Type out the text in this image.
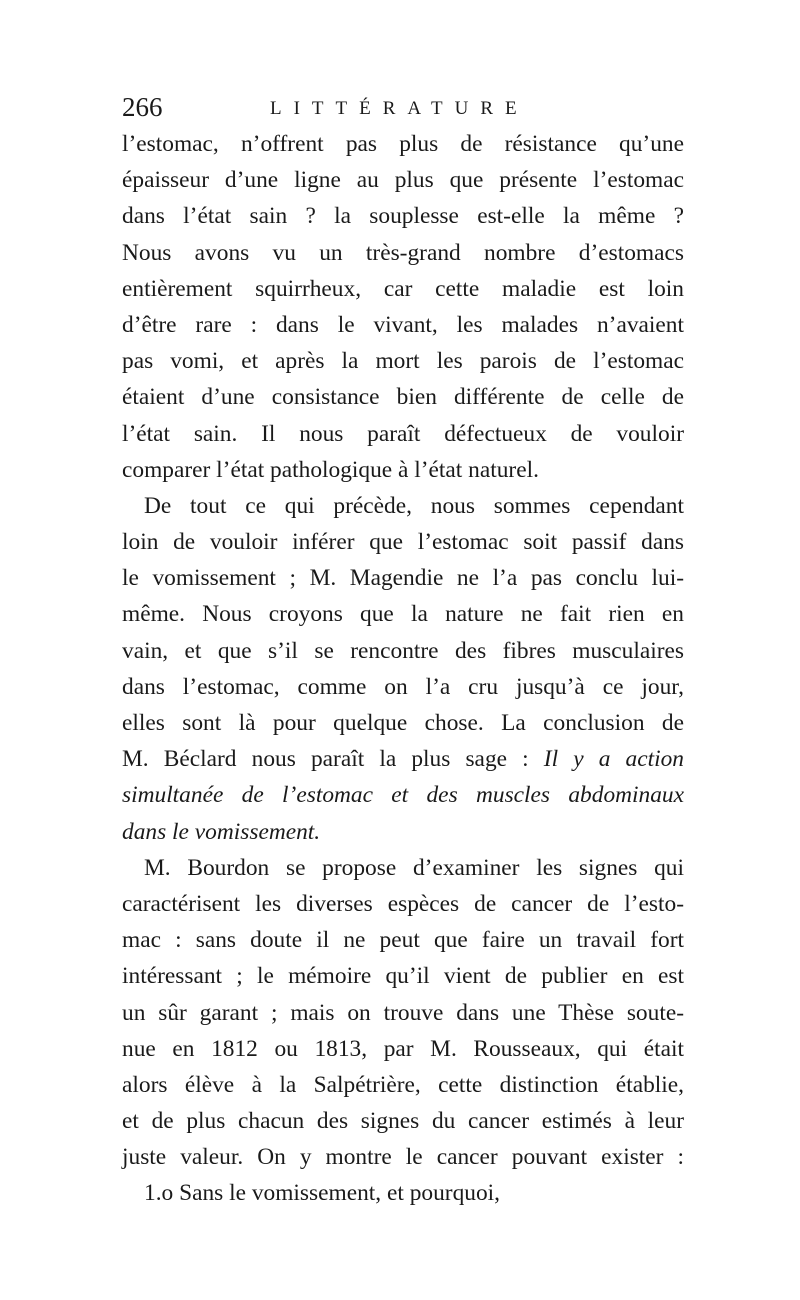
266	LITTÉRATURE
l’estomac, n’offrent pas plus de résistance qu’une
épaisseur d’une ligne au plus que présente l’estomac
dans l’état sain ? la souplesse est-elle la même ?
Nous avons vu un très-grand nombre d’estomacs
entièrement squirrheux, car cette maladie est loin
d’être rare : dans le vivant, les malades n’avaient
pas vomi, et après la mort les parois de l’estomac
étaient d’une consistance bien différente de celle de
l’état sain. Il nous paraît défectueux de vouloir
comparer l’état pathologique à l’état naturel.
De tout ce qui précède, nous sommes cependant
loin de vouloir inférer que l’estomac soit passif dans
le vomissement ; M. Magendie ne l’a pas conclu lui-
même. Nous croyons que la nature ne fait rien en
vain, et que s’il se rencontre des fibres musculaires
dans l’estomac, comme on l’a cru jusqu’à ce jour,
elles sont là pour quelque chose. La conclusion de
M. Béclard nous paraît la plus sage : Il y a action
simultanée de l’estomac et des muscles abdominaux
dans le vomissement.
M. Bourdon se propose d’examiner les signes qui
caractérisent les diverses espèces de cancer de l’esto-
mac : sans doute il ne peut que faire un travail fort
intéressant ; le mémoire qu’il vient de publier en est
un sûr garant ; mais on trouve dans une Thèse soute-
nue en 1812 ou 1813, par M. Rousseaux, qui était
alors élève à la Salpétrière, cette distinction établie,
et de plus chacun des signes du cancer estimés à leur
juste valeur. On y montre le cancer pouvant exister :
1.o Sans le vomissement, et pourquoi,
